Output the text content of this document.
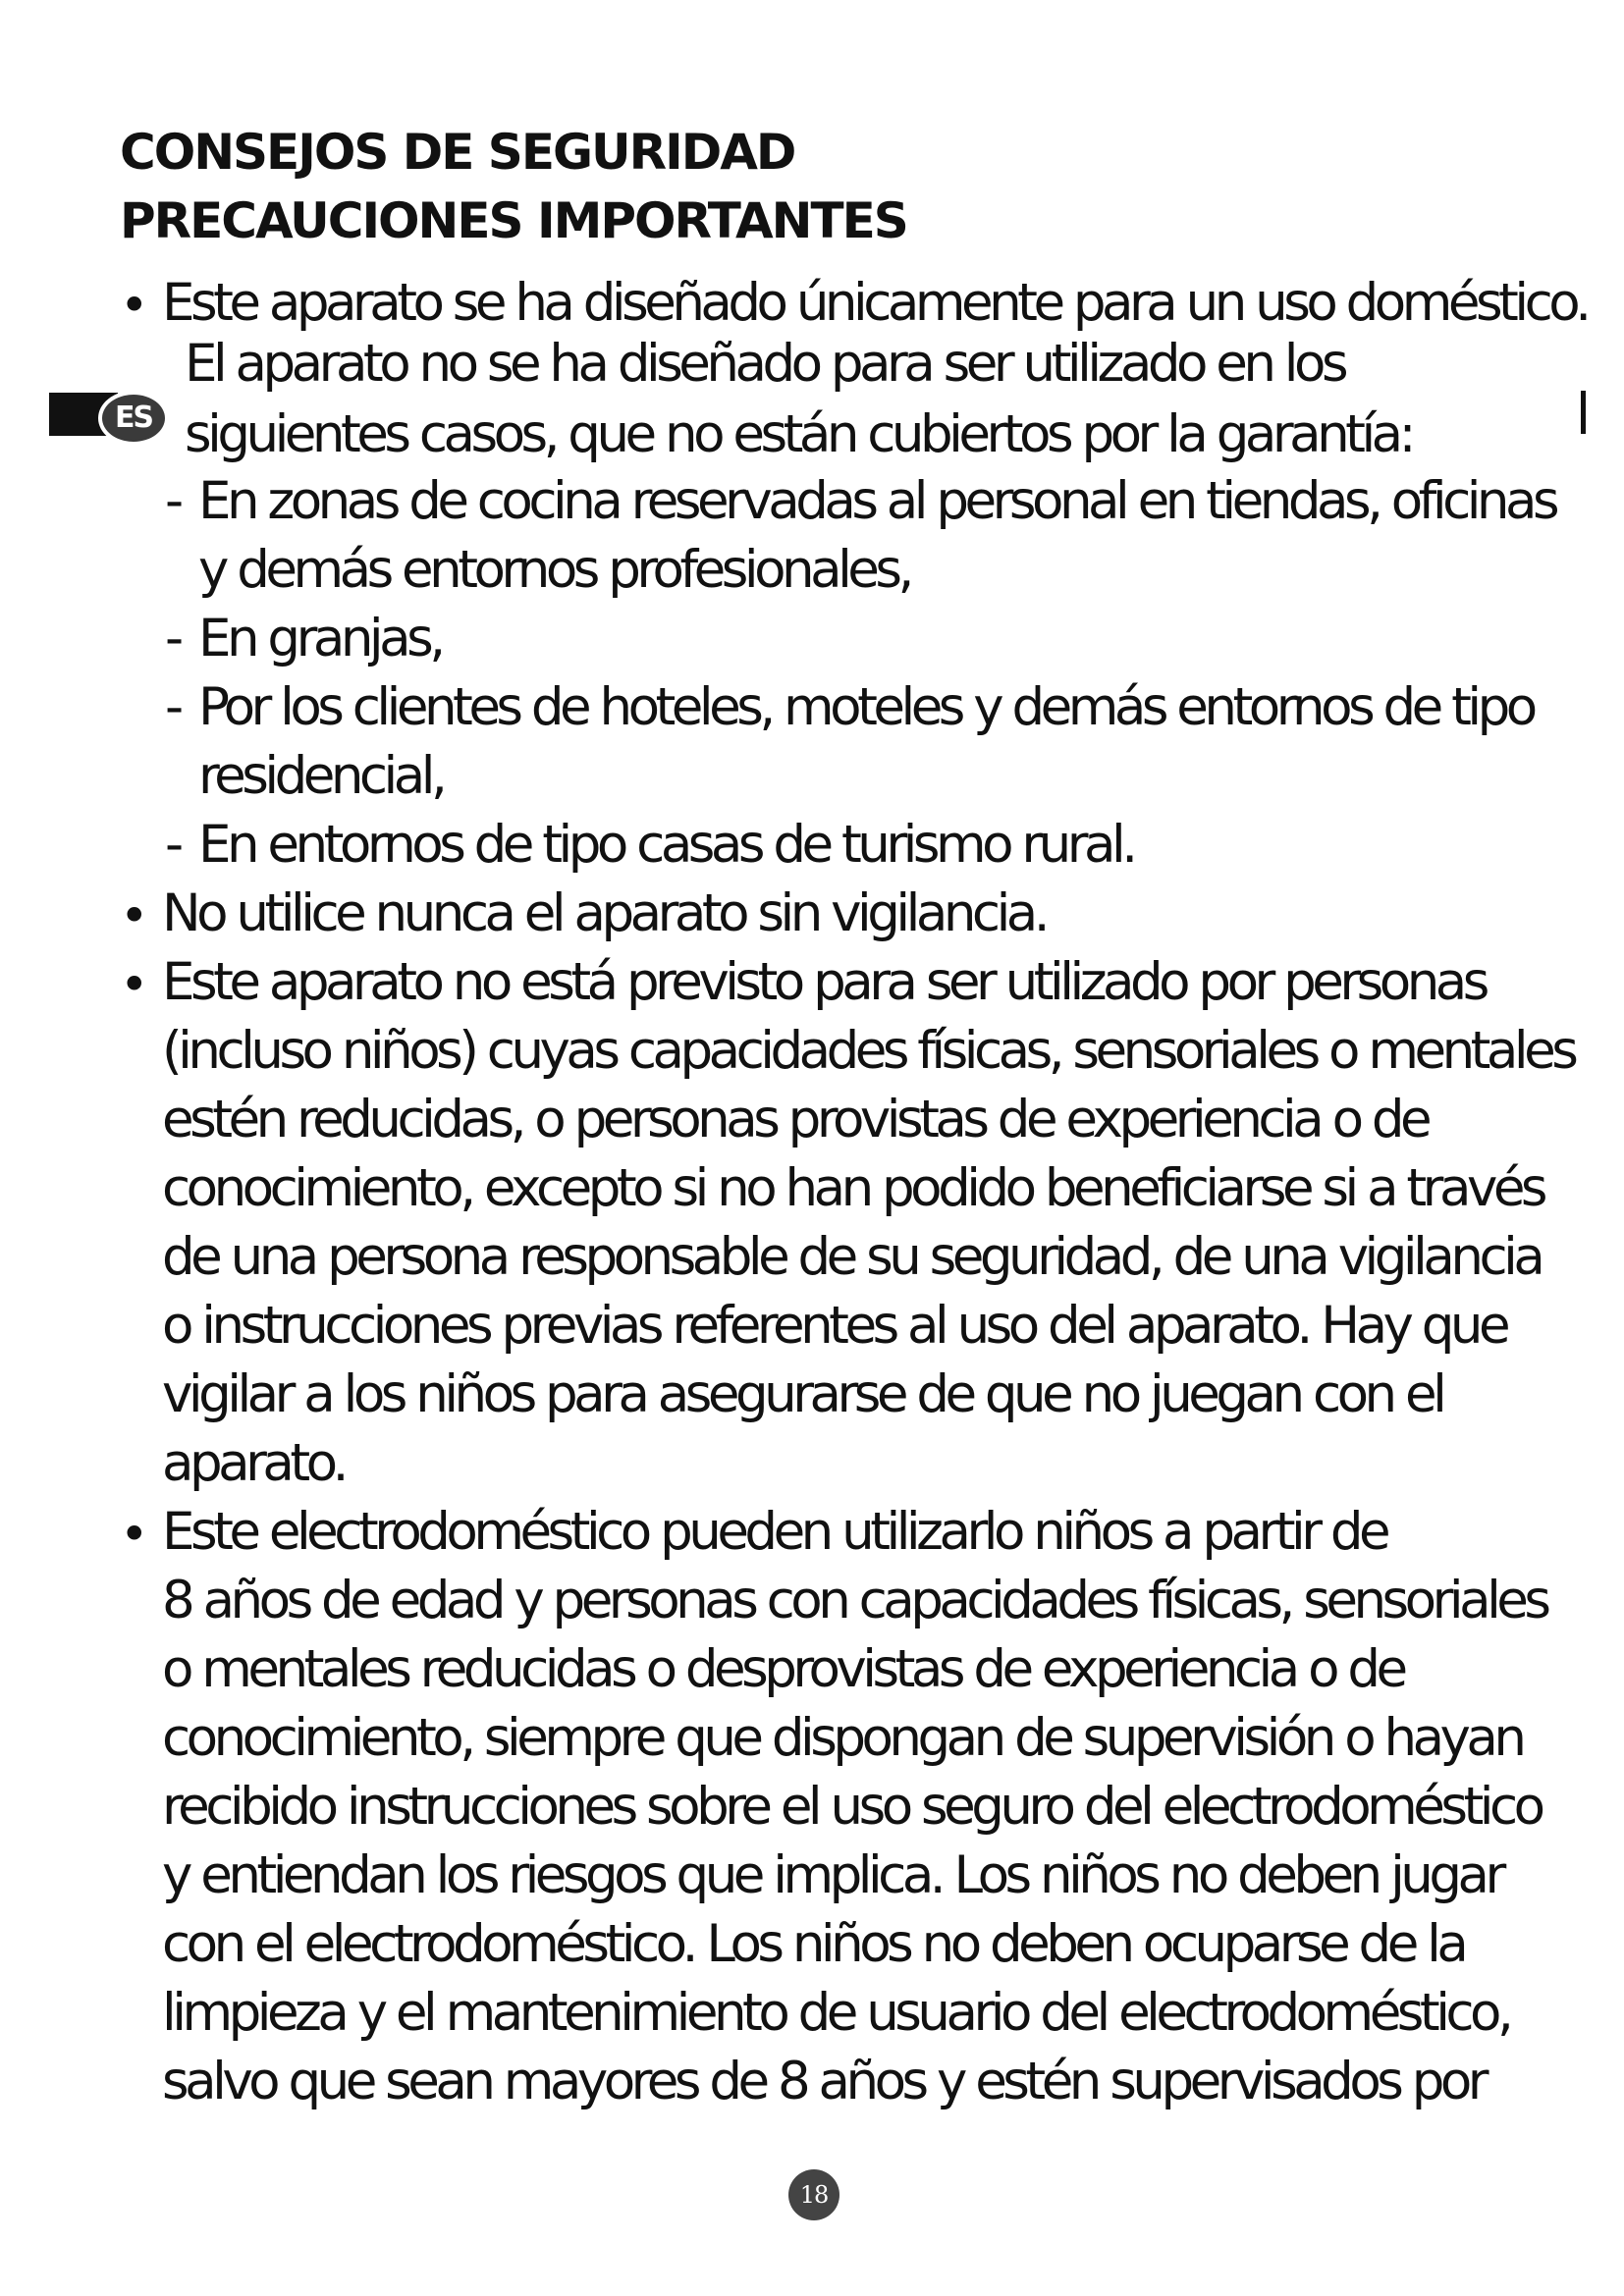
CONSEJOS DE SEGURIDAD
PRECAUCIONES IMPORTANTES
ES
• Este aparato se ha diseñado únicamente para un uso doméstico.
El aparato no se ha diseñado para ser utilizado en los
siguientes casos, que no están cubiertos por la garantía:
- En zonas de cocina reservadas al personal en tiendas, oficinas
y demás entornos profesionales,
- En granjas,
- Por los clientes de hoteles, moteles y demás entornos de tipo
residencial,
- En entornos de tipo casas de turismo rural.
• No utilice nunca el aparato sin vigilancia.
• Este aparato no está previsto para ser utilizado por personas
(incluso niños) cuyas capacidades físicas, sensoriales o mentales
estén reducidas, o personas provistas de experiencia o de
conocimiento, excepto si no han podido beneficiarse si a través
de una persona responsable de su seguridad, de una vigilancia
o instrucciones previas referentes al uso del aparato. Hay que
vigilar a los niños para asegurarse de que no juegan con el
aparato.
• Este electrodoméstico pueden utilizarlo niños a partir de
8 años de edad y personas con capacidades físicas, sensoriales
o mentales reducidas o desprovistas de experiencia o de
conocimiento, siempre que dispongan de supervisión o hayan
recibido instrucciones sobre el uso seguro del electrodoméstico
y entiendan los riesgos que implica. Los niños no deben jugar
con el electrodoméstico. Los niños no deben ocuparse de la
limpieza y el mantenimiento de usuario del electrodoméstico,
salvo que sean mayores de 8 años y estén supervisados por
18
